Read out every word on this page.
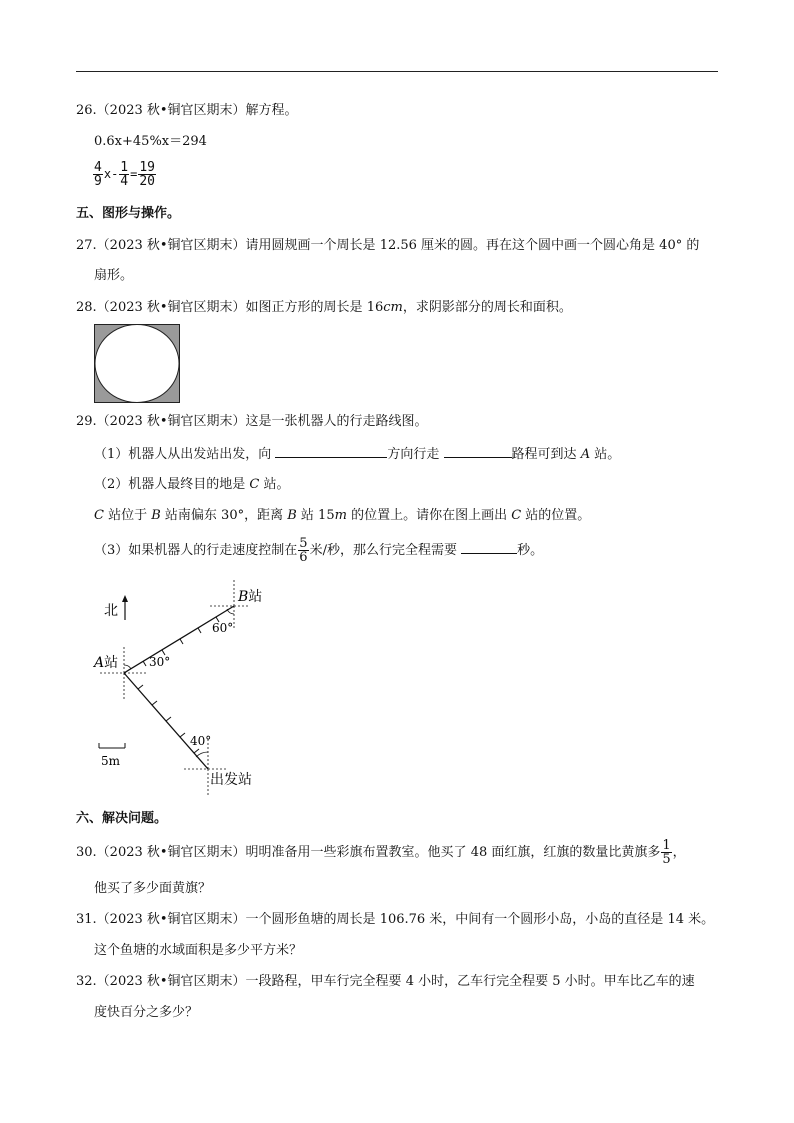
26.（2023 秋•铜官区期末）解方程。
0.6x+45%x＝294
$\frac{4}{9} x- \frac{1}{4} = \frac{19}{20}$
五、图形与操作。
27.（2023 秋•铜官区期末）请用圆规画一个周长是 12.56 厘米的圆。再在这个圆中画一个圆心角是 40° 的
扇形。
28.（2023 秋•铜官区期末）如图正方形的周长是 16cm，求阴影部分的周长和面积。
29.（2023 秋•铜官区期末）这是一张机器人的行走路线图。
（1）机器人从出发站出发，向	方向行走	路程可到达 A 站。
（2）机器人最终目的地是 C 站。
C 站位于 B 站南偏东 30°，距离 B 站 15m 的位置上。请你在图上画出 C 站的位置。
（3）如果机器人的行走速度控制在 $\frac{5}{6}$ 米/秒，那么行完全程需要	秒。
北
B站
60°
A站	30°
40°
出发站
5m
六、解决问题。
30.（2023 秋•铜官区期末）明明准备用一些彩旗布置教室。他买了 48 面红旗，红旗的数量比黄旗多 $\frac{1}{5}$ ，
他买了多少面黄旗？
31.（2023 秋•铜官区期末）一个圆形鱼塘的周长是 106.76 米，中间有一个圆形小岛，小岛的直径是 14 米。
这个鱼塘的水域面积是多少平方米？
32.（2023 秋•铜官区期末）一段路程，甲车行完全程要 4 小时，乙车行完全程要 5 小时。甲车比乙车的速
度快百分之多少？
